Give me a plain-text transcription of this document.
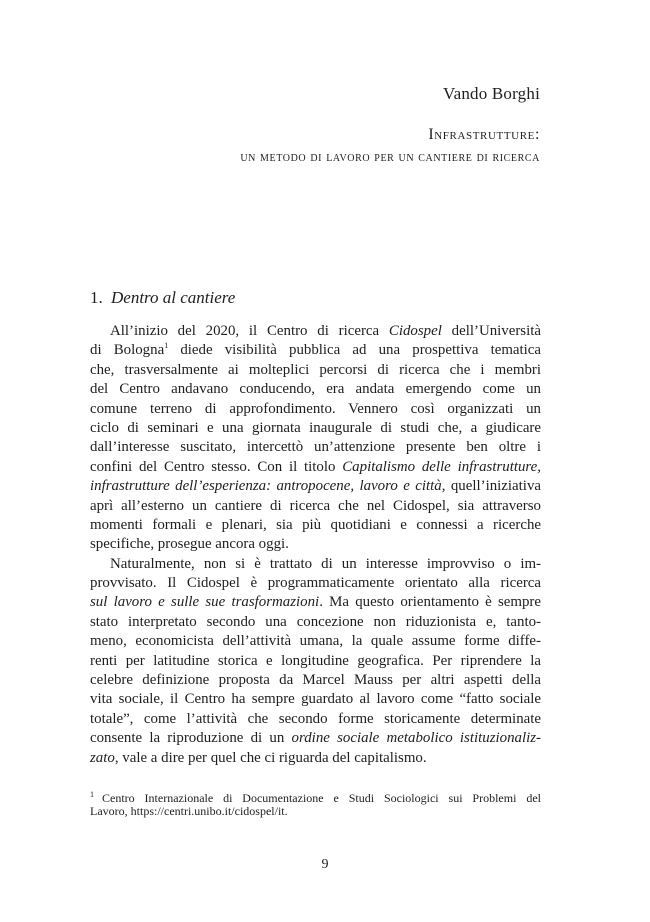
Vando Borghi
Infrastrutture:
un metodo di lavoro per un cantiere di ricerca
1. Dentro al cantiere
All’inizio del 2020, il Centro di ricerca Cidospel dell’Università
di Bologna$^1$ diede visibilità pubblica ad una prospettiva tematica
che, trasversalmente ai molteplici percorsi di ricerca che i membri
del Centro andavano conducendo, era andata emergendo come un
comune terreno di approfondimento. Vennero così organizzati un
ciclo di seminari e una giornata inaugurale di studi che, a giudicare
dall’interesse suscitato, intercettò un’attenzione presente ben oltre i
confini del Centro stesso. Con il titolo Capitalismo delle infrastrutture,
infrastrutture dell’esperienza: antropocene, lavoro e città, quell’iniziativa
aprì all’esterno un cantiere di ricerca che nel Cidospel, sia attraverso
momenti formali e plenari, sia più quotidiani e connessi a ricerche
specifiche, prosegue ancora oggi.
Naturalmente, non si è trattato di un interesse improvviso o im-
provvisato. Il Cidospel è programmaticamente orientato alla ricerca
sul lavoro e sulle sue trasformazioni. Ma questo orientamento è sempre
stato interpretato secondo una concezione non riduzionista e, tanto-
meno, economicista dell’attività umana, la quale assume forme diffe-
renti per latitudine storica e longitudine geografica. Per riprendere la
celebre definizione proposta da Marcel Mauss per altri aspetti della
vita sociale, il Centro ha sempre guardato al lavoro come “fatto sociale
totale”, come l’attività che secondo forme storicamente determinate
consente la riproduzione di un ordine sociale metabolico istituzionaliz-
zato, vale a dire per quel che ci riguarda del capitalismo.
$^1$ Centro Internazionale di Documentazione e Studi Sociologici sui Problemi del
Lavoro, https://centri.unibo.it/cidospel/it.
9
